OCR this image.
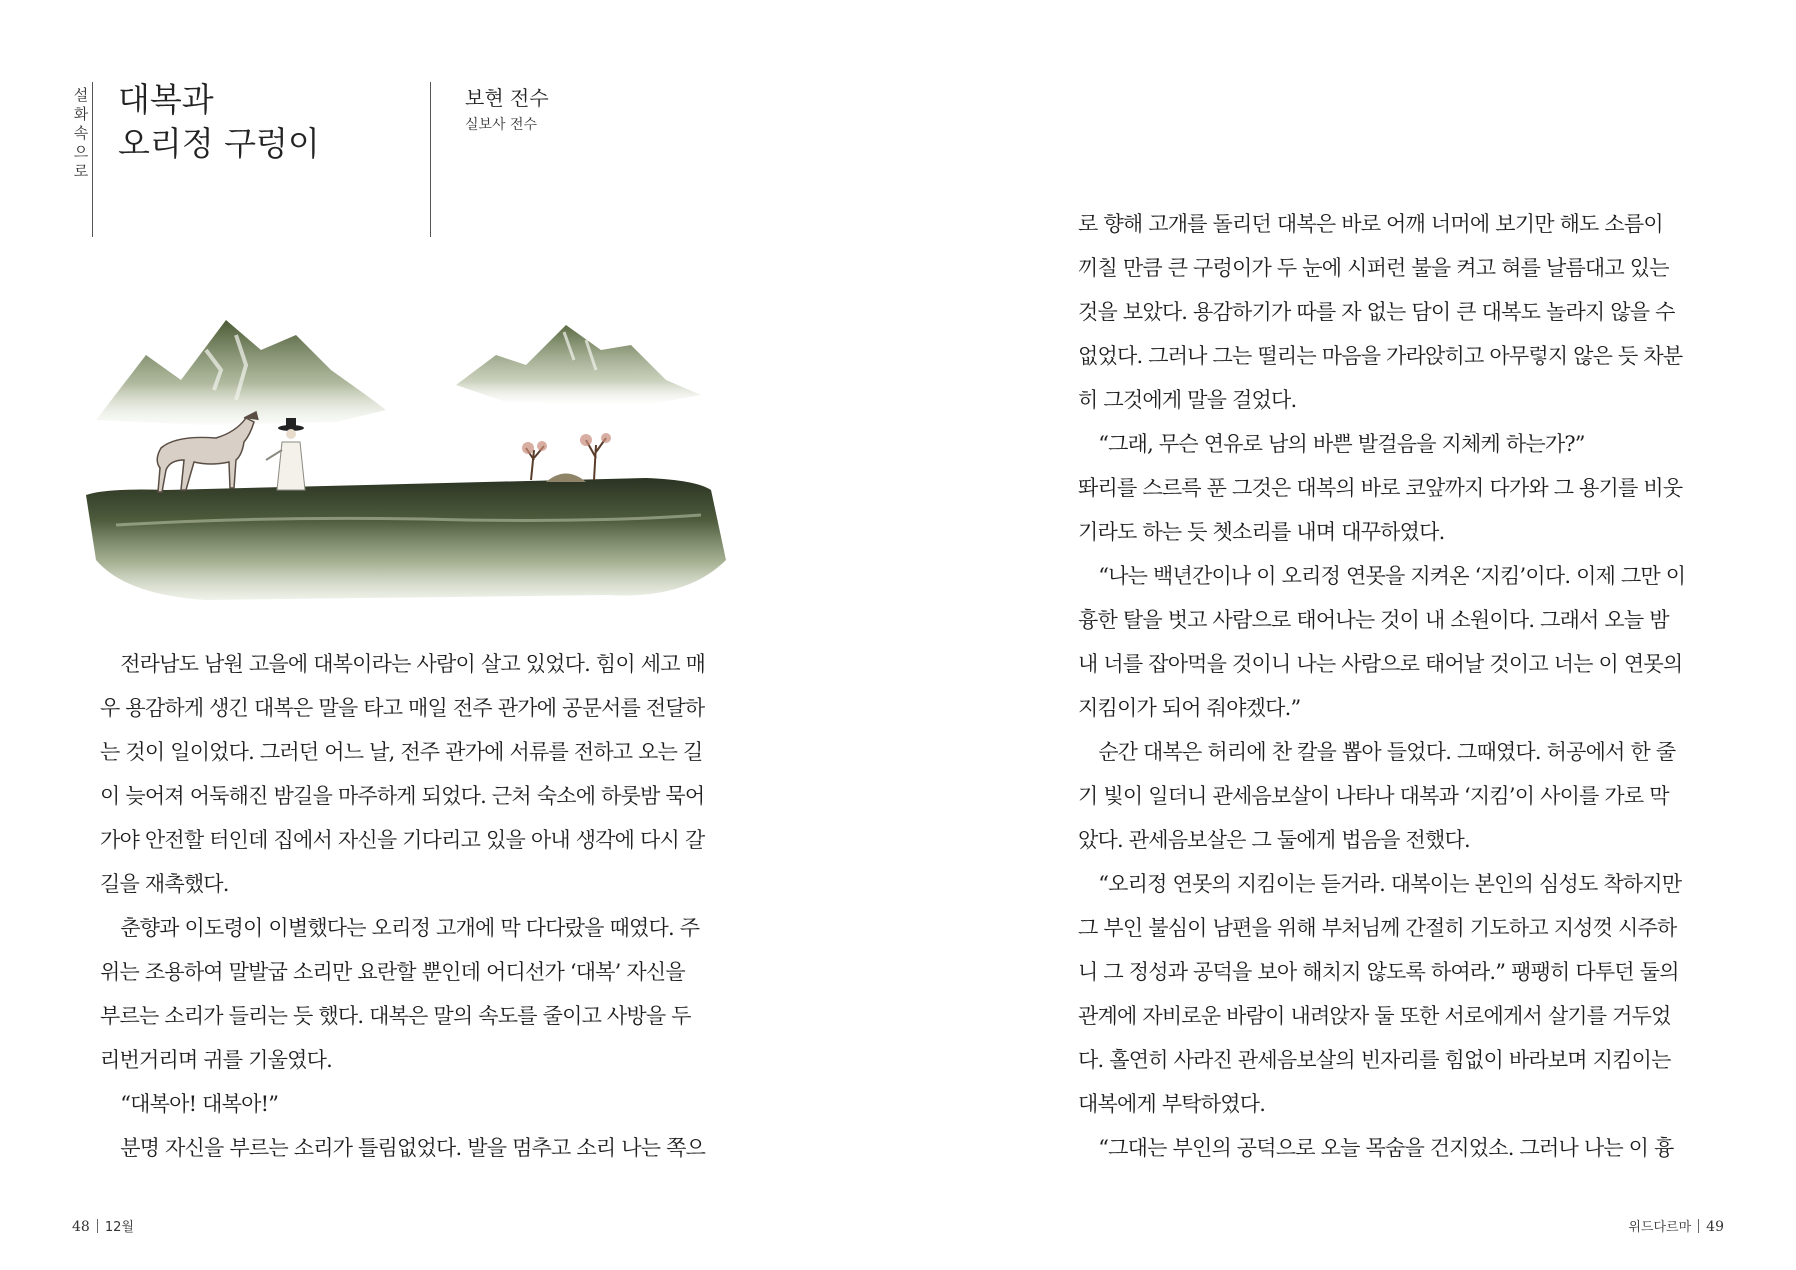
설화속으로
대복과
오리정 구렁이
보현 전수
실보사 전수
　전라남도 남원 고을에 대복이라는 사람이 살고 있었다. 힘이 세고 매
우 용감하게 생긴 대복은 말을 타고 매일 전주 관가에 공문서를 전달하
는 것이 일이었다. 그러던 어느 날, 전주 관가에 서류를 전하고 오는 길
이 늦어져 어둑해진 밤길을 마주하게 되었다. 근처 숙소에 하룻밤 묵어
가야 안전할 터인데 집에서 자신을 기다리고 있을 아내 생각에 다시 갈
길을 재촉했다.
　춘향과 이도령이 이별했다는 오리정 고개에 막 다다랐을 때였다. 주
위는 조용하여 말발굽 소리만 요란할 뿐인데 어디선가 ‘대복’ 자신을
부르는 소리가 들리는 듯 했다. 대복은 말의 속도를 줄이고 사방을 두
리번거리며 귀를 기울였다.
　“대복아! 대복아!”
　분명 자신을 부르는 소리가 틀림없었다. 발을 멈추고 소리 나는 쪽으
로 향해 고개를 돌리던 대복은 바로 어깨 너머에 보기만 해도 소름이
끼칠 만큼 큰 구렁이가 두 눈에 시퍼런 불을 켜고 혀를 날름대고 있는
것을 보았다. 용감하기가 따를 자 없는 담이 큰 대복도 놀라지 않을 수
없었다. 그러나 그는 떨리는 마음을 가라앉히고 아무렇지 않은 듯 차분
히 그것에게 말을 걸었다.
　“그래, 무슨 연유로 남의 바쁜 발걸음을 지체케 하는가?”
똬리를 스르륵 푼 그것은 대복의 바로 코앞까지 다가와 그 용기를 비웃
기라도 하는 듯 쳇소리를 내며 대꾸하였다.
　“나는 백년간이나 이 오리정 연못을 지켜온 ‘지킴’이다. 이제 그만 이
흉한 탈을 벗고 사람으로 태어나는 것이 내 소원이다. 그래서 오늘 밤
내 너를 잡아먹을 것이니 나는 사람으로 태어날 것이고 너는 이 연못의
지킴이가 되어 줘야겠다.”
　순간 대복은 허리에 찬 칼을 뽑아 들었다. 그때였다. 허공에서 한 줄
기 빛이 일더니 관세음보살이 나타나 대복과 ‘지킴’이 사이를 가로 막
았다. 관세음보살은 그 둘에게 법음을 전했다.
　“오리정 연못의 지킴이는 듣거라. 대복이는 본인의 심성도 착하지만
그 부인 불심이 남편을 위해 부처님께 간절히 기도하고 지성껏 시주하
니 그 정성과 공덕을 보아 해치지 않도록 하여라.” 팽팽히 다투던 둘의
관계에 자비로운 바람이 내려앉자 둘 또한 서로에게서 살기를 거두었
다. 홀연히 사라진 관세음보살의 빈자리를 힘없이 바라보며 지킴이는
대복에게 부탁하였다.
　“그대는 부인의 공덕으로 오늘 목숨을 건지었소. 그러나 나는 이 흉
48 12월	위드다르마 49
